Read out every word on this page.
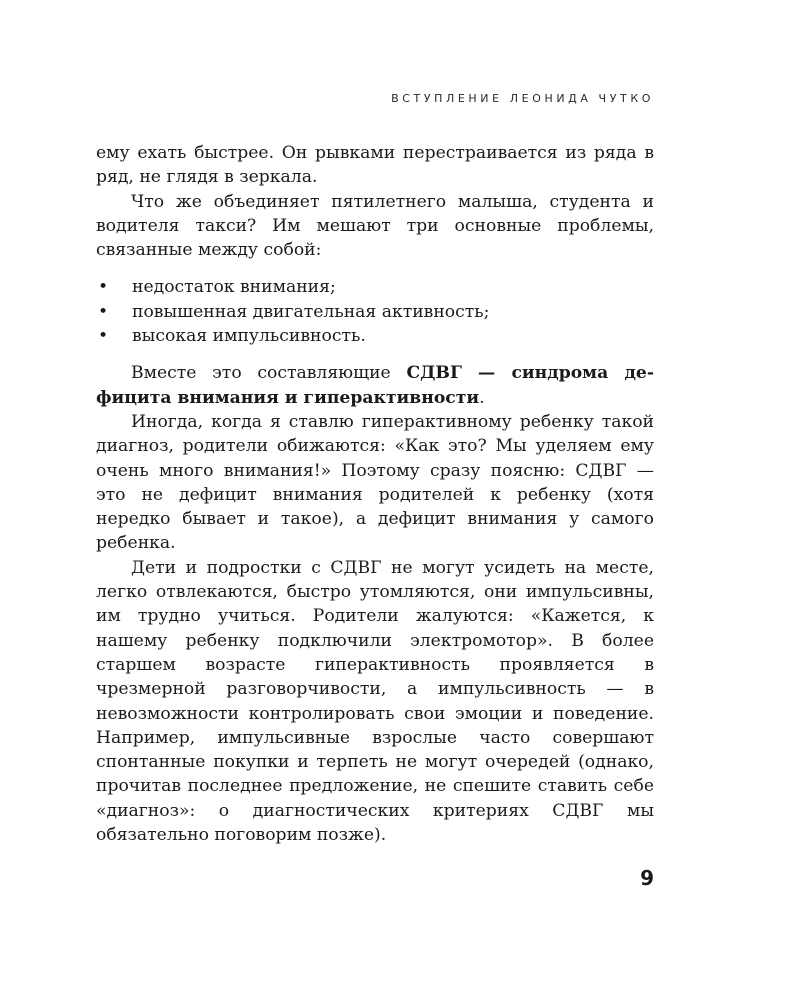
ВСТУПЛЕНИЕ ЛЕОНИДА ЧУТКО

ему ехать быстрее. Он рывками перестраивается из ряда в ряд, не глядя в зеркала.

Что же объединяет пятилетнего малыша, студента и водителя такси? Им мешают три основные проблемы, связанные между собой:

• недостаток внимания;
• повышенная двигательная активность;
• высокая импульсивность.

Вместе это составляющие СДВГ — синдрома дефицита внимания и гиперактивности.

Иногда, когда я ставлю гиперактивному ребенку такой диагноз, родители обижаются: «Как это? Мы уделяем ему очень много внимания!» Поэтому сразу поясню: СДВГ — это не дефицит внимания родителей к ребенку (хотя нередко бывает и такое), а дефицит внимания у самого ребенка.

Дети и подростки с СДВГ не могут усидеть на месте, легко отвлекаются, быстро утомляются, они импульсивны, им трудно учиться. Родители жалуются: «Кажется, к нашему ребенку подключили электромотор». В более старшем возрасте гиперактивность проявляется в чрезмерной разговорчивости, а импульсивность — в невозможности контролировать свои эмоции и поведение. Например, импульсивные взрослые часто совершают спонтанные покупки и терпеть не могут очередей (однако, прочитав последнее предложение, не спешите ставить себе «диагноз»: о диагностических критериях СДВГ мы обязательно поговорим позже).

9
